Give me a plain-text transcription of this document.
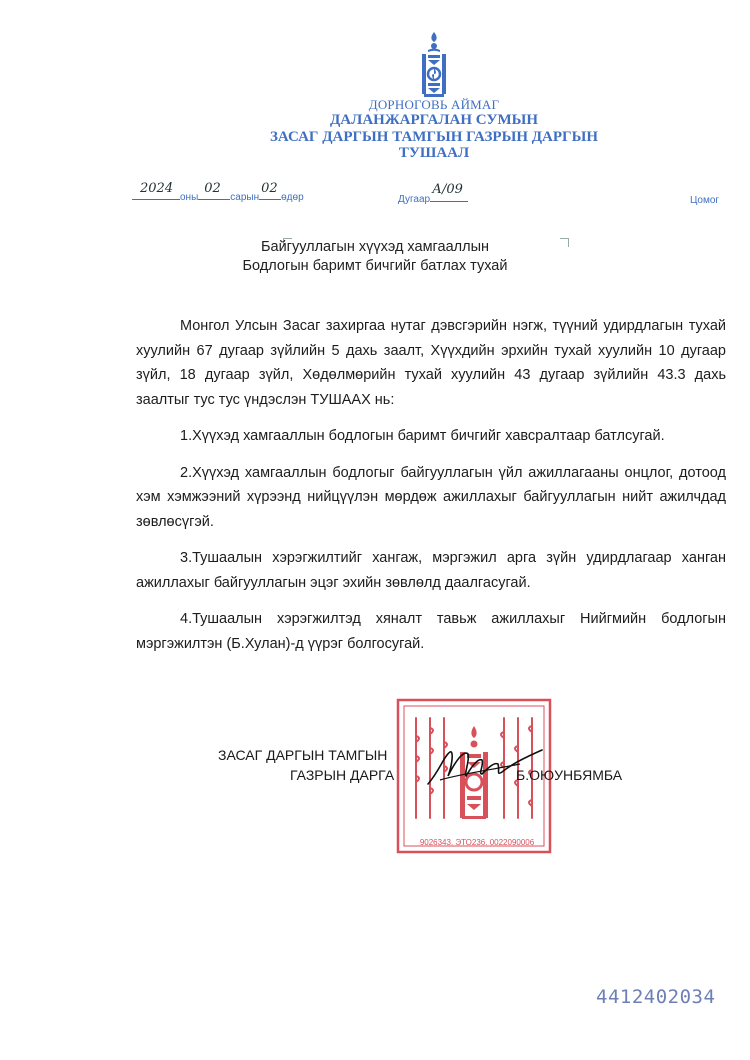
ДОРНОГОВЬ АЙМАГ
ДАЛАНЖАРГАЛАН СУМЫН
ЗАСАГ ДАРГЫН ТАМГЫН ГАЗРЫН ДАРГЫН
ТУШААЛ
2024
оны
02
сарын
02
өдөр	Дугаар
А/09
Цомог
Байгууллагын хүүхэд хамгааллын
Бодлогын баримт бичгийг батлах тухай

Монгол Улсын Засаг захиргаа нутаг дэвсгэрийн нэгж, түүний удирдлагын тухай хуулийн 67 дугаар зүйлийн 5 дахь заалт, Хүүхдийн эрхийн тухай хуулийн 10 дугаар зүйл, 18 дугаар зүйл, Хөдөлмөрийн тухай хуулийн 43 дугаар зүйлийн 43.3 дахь заалтыг тус тус үндэслэн ТУШААХ нь:

1.Хүүхэд хамгааллын бодлогын баримт бичгийг хавсралтаар батлсугай.

2.Хүүхэд хамгааллын бодлогыг байгууллагын үйл ажиллагааны онцлог, дотоод хэм хэмжээний хүрээнд нийцүүлэн мөрдөж ажиллахыг байгууллагын нийт ажилчдад зөвлөсүгэй.

3.Тушаалын хэрэгжилтийг хангаж, мэргэжил арга зүйн удирдлагаар ханган ажиллахыг байгууллагын эцэг эхийн зөвлөлд даалгасугай.

4.Тушаалын хэрэгжилтэд хяналт тавьж ажиллахыг Нийгмийн бодлогын мэргэжилтэн (Б.Хулан)-д үүрэг болгосугай.

9026343. ЭТО236. 0022090006
ЗАСАГ ДАРГЫН ТАМГЫН
ГАЗРЫН ДАРГА	Б.ОЮУНБЯМБА
4412402034
